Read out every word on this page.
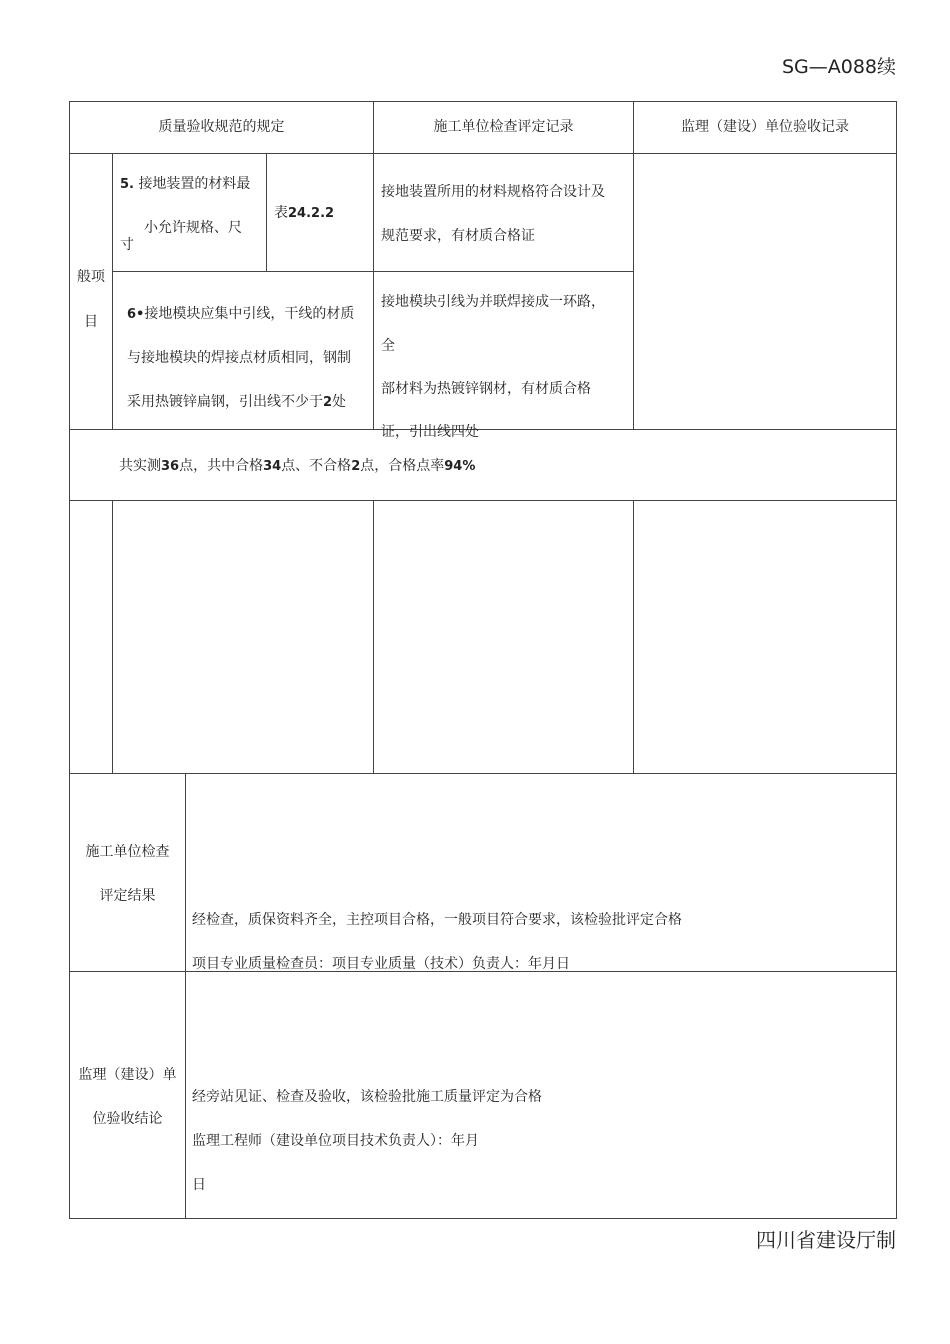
SG—A088续
质量验收规范的规定	施工单位检查评定记录	监理（建设）单位验收记录
般项
目
5. 接地装置的材料最
小允许规格、尺
寸
表24.2.2
接地装置所用的材料规格符合设计及
规范要求，有材质合格证
6•接地模块应集中引线，干线的材质
与接地模块的焊接点材质相同，钢制
采用热镀锌扁钢，引出线不少于2处
接地模块引线为并联焊接成一环路，
全
部材料为热镀锌钢材，有材质合格
证，引出线四处
共实测36点，共中合格34点、不合格2点，合格点率94%
施工单位检查
评定结果
经检查，质保资料齐全，主控项目合格，一般项目符合要求，该检验批评定合格
项目专业质量检查员：项目专业质量（技术）负责人：年月日
监理（建设）单
位验收结论
经旁站见证、检查及验收，该检验批施工质量评定为合格
监理工程师（建设单位项目技术负责人）：年月
日
四川省建设厅制
